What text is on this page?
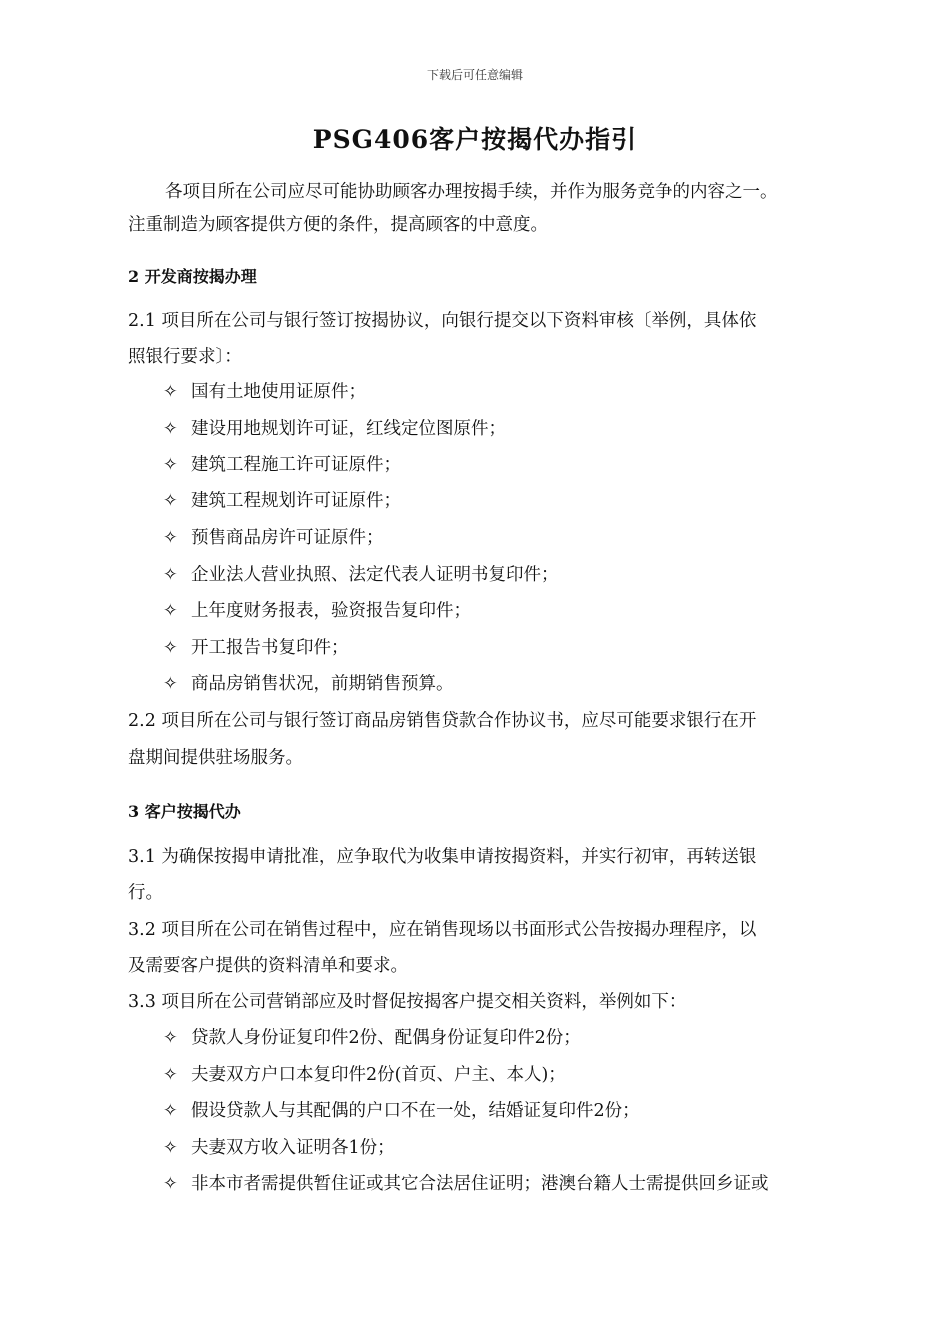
下载后可任意编辑
PSG406客户按揭代办指引
各项目所在公司应尽可能协助顾客办理按揭手续，并作为服务竞争的内容之一。
注重制造为顾客提供方便的条件，提高顾客的中意度。
2 开发商按揭办理
2.1 项目所在公司与银行签订按揭协议，向银行提交以下资料审核〔举例，具体依
照银行要求〕：
✧ 国有土地使用证原件；
✧ 建设用地规划许可证，红线定位图原件；
✧ 建筑工程施工许可证原件；
✧ 建筑工程规划许可证原件；
✧ 预售商品房许可证原件；
✧ 企业法人营业执照、法定代表人证明书复印件；
✧ 上年度财务报表，验资报告复印件；
✧ 开工报告书复印件；
✧ 商品房销售状况，前期销售预算。
2.2 项目所在公司与银行签订商品房销售贷款合作协议书，应尽可能要求银行在开
盘期间提供驻场服务。
3 客户按揭代办
3.1 为确保按揭申请批准，应争取代为收集申请按揭资料，并实行初审，再转送银
行。
3.2 项目所在公司在销售过程中，应在销售现场以书面形式公告按揭办理程序，以
及需要客户提供的资料清单和要求。
3.3 项目所在公司营销部应及时督促按揭客户提交相关资料，举例如下：
✧ 贷款人身份证复印件2份、配偶身份证复印件2份；
✧ 夫妻双方户口本复印件2份(首页、户主、本人)；
✧ 假设贷款人与其配偶的户口不在一处，结婚证复印件2份；
✧ 夫妻双方收入证明各1份；
✧ 非本市者需提供暂住证或其它合法居住证明；港澳台籍人士需提供回乡证或
